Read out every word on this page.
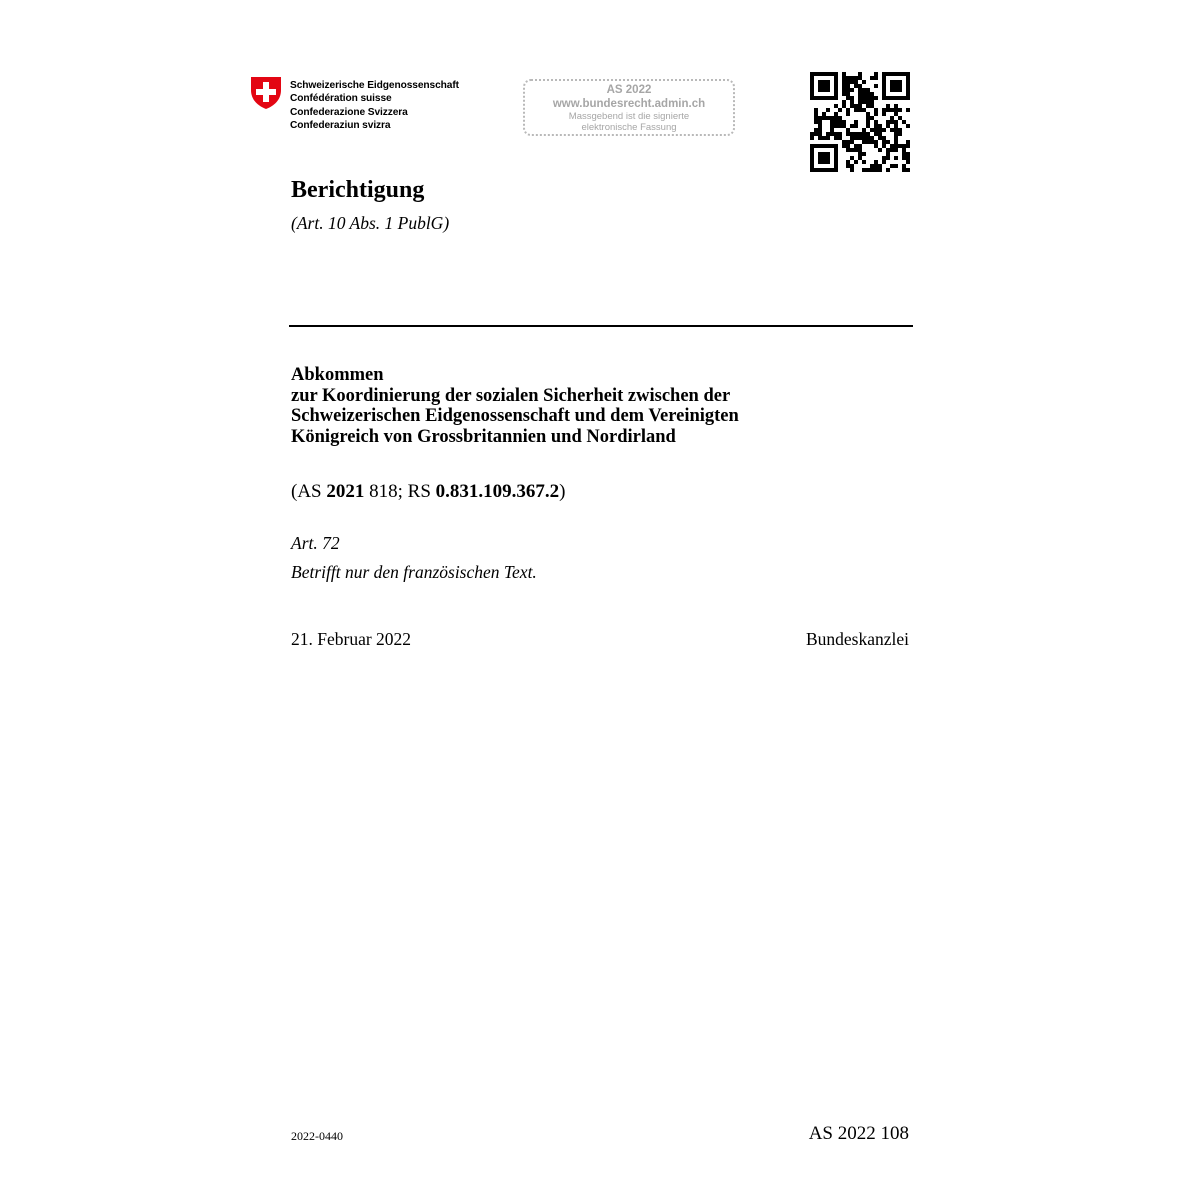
Schweizerische Eidgenossenschaft
Confédération suisse
Confederazione Svizzera
Confederaziun svizra
AS 2022
www.bundesrecht.admin.ch
Massgebend ist die signierte
elektronische Fassung
Berichtigung
(Art. 10 Abs. 1 PublG)
Abkommen
zur Koordinierung der sozialen Sicherheit zwischen der
Schweizerischen Eidgenossenschaft und dem Vereinigten
Königreich von Grossbritannien und Nordirland
(AS 2021 818; RS 0.831.109.367.2)
Art. 72
Betrifft nur den französischen Text.
21. Februar 2022	Bundeskanzlei
2022-0440	AS 2022 108
